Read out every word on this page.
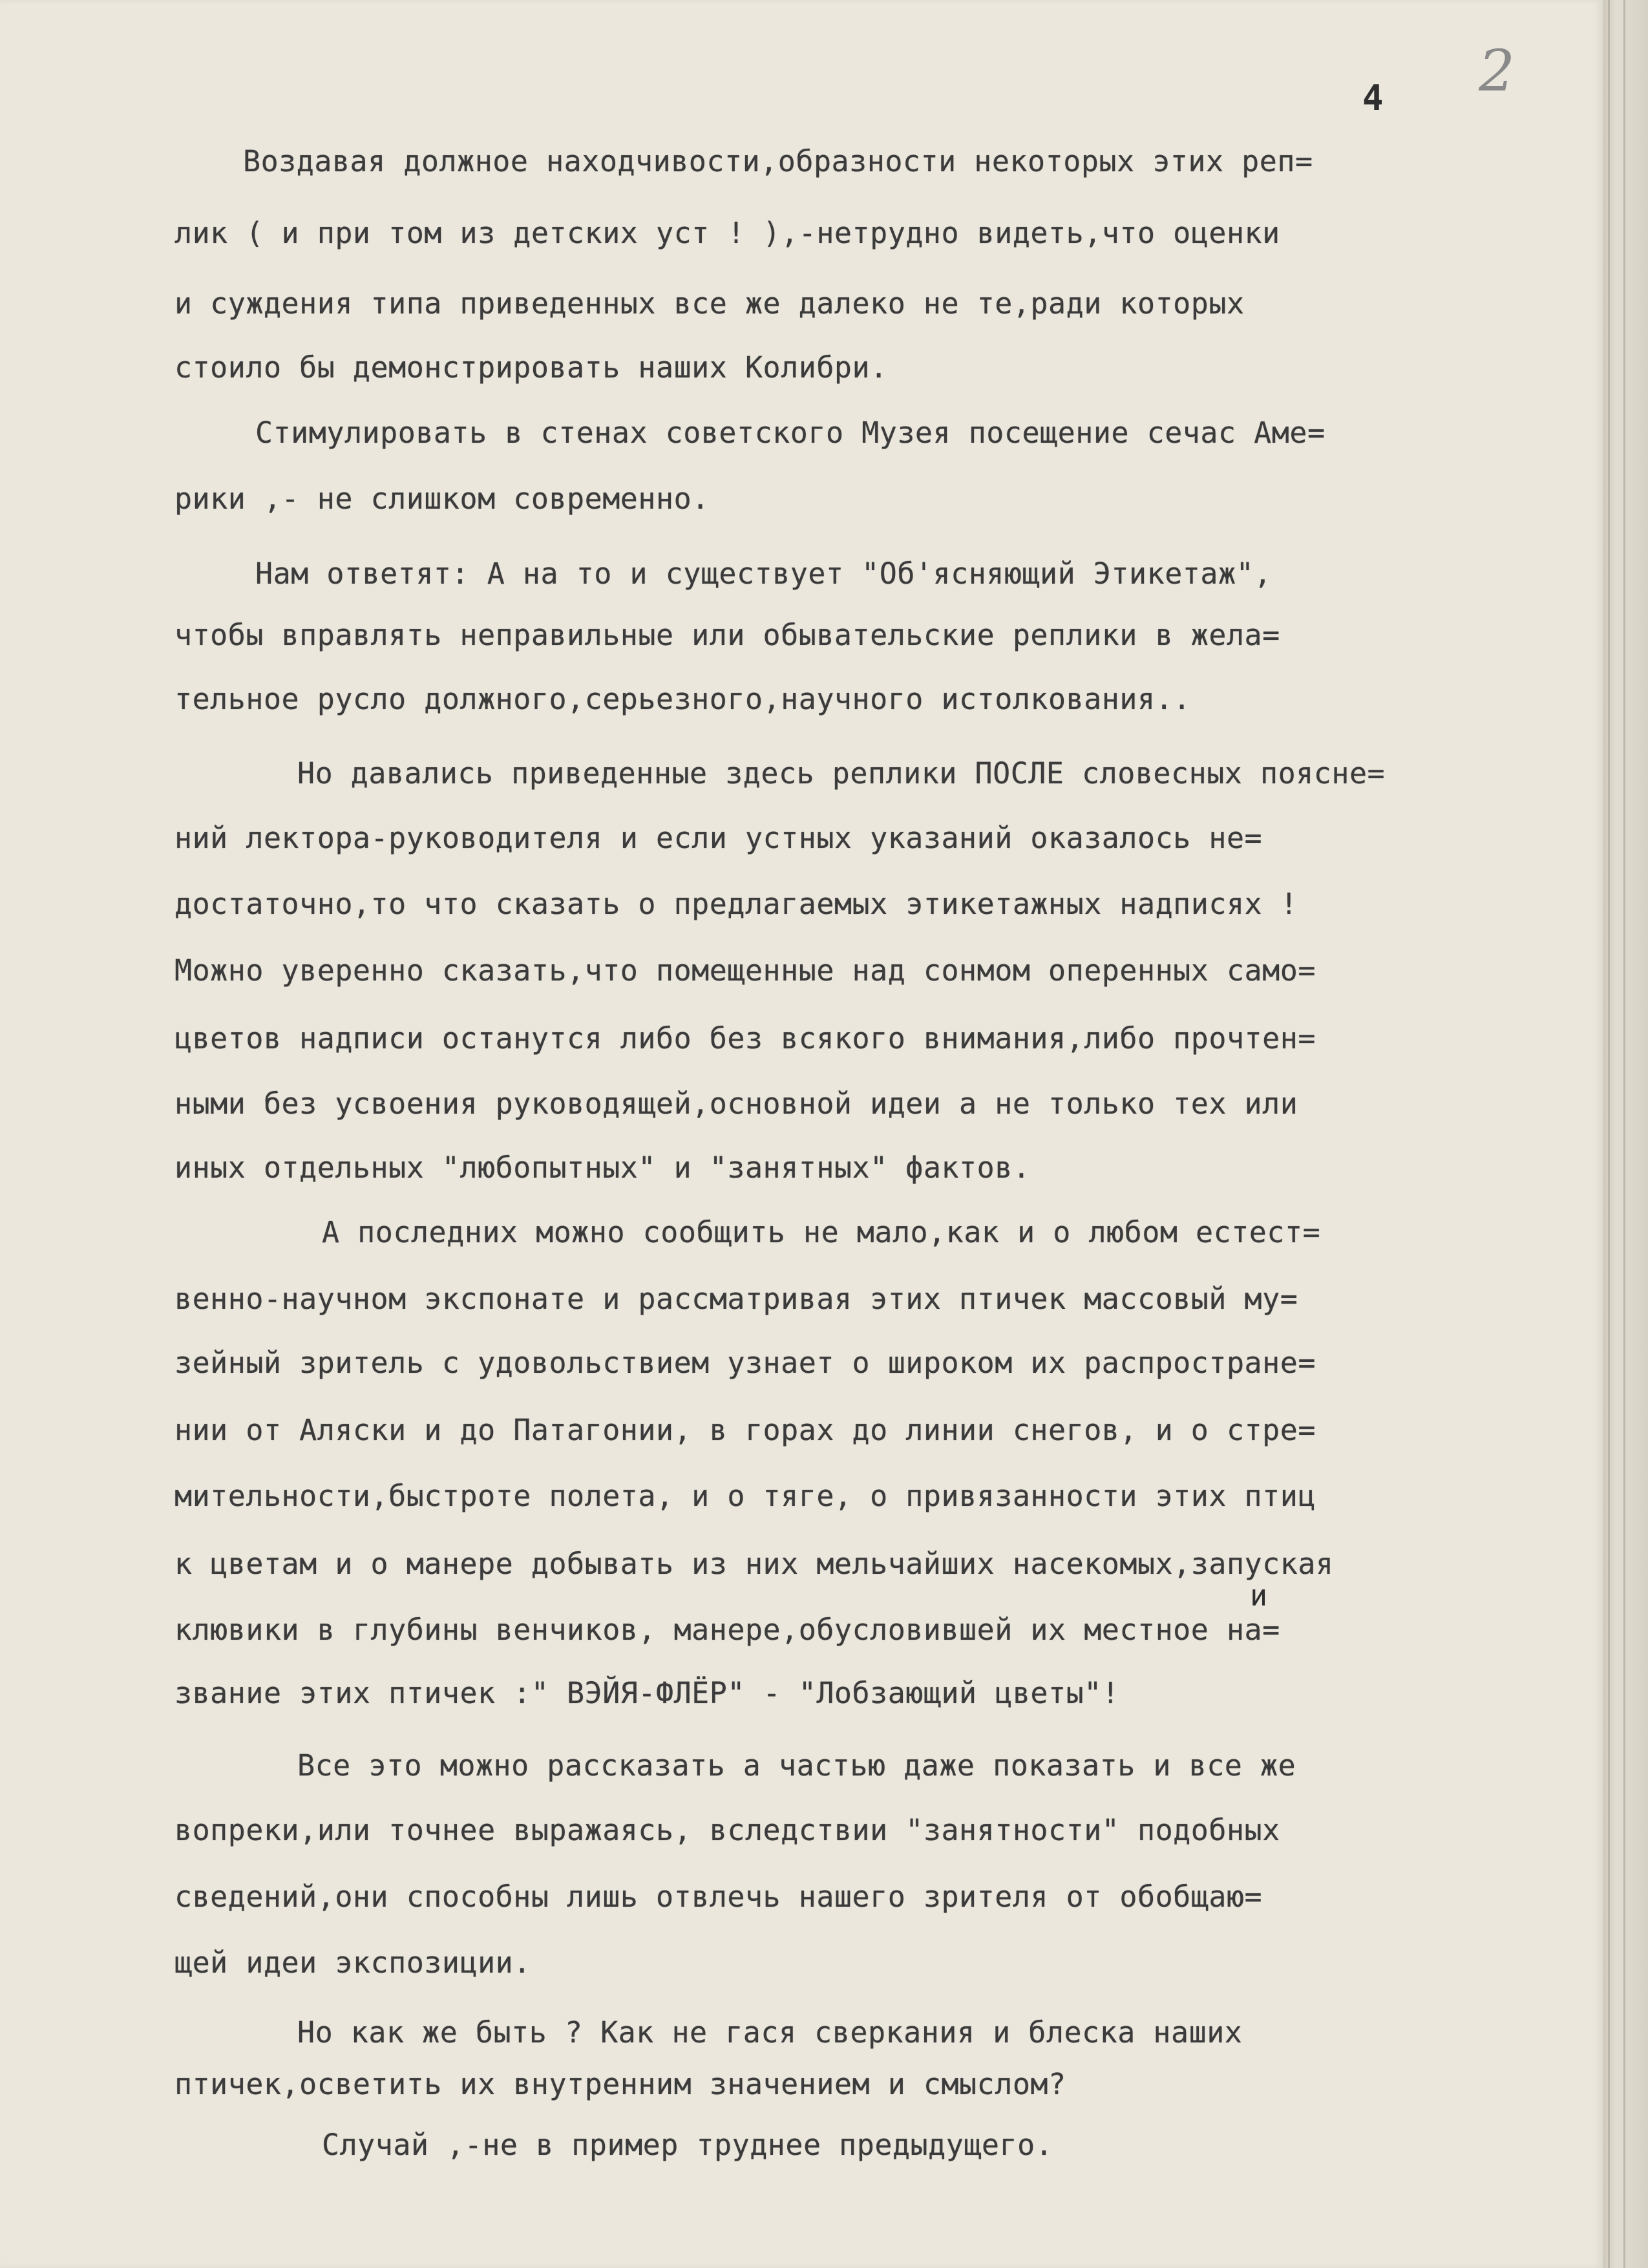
2
4
Воздавая должное находчивости,образности некоторых этих реп=
лик ( и при том из детских уст ! ),-нетрудно видеть,что оценки
и суждения типа приведенных все же далеко не те,ради которых
стоило бы демонстрировать наших Колибри.
Стимулировать в стенах советского Музея посещение сечас Аме=
рики ,- не слишком современно.
Нам ответят: А на то и существует "Об'ясняющий Этикетаж",
чтобы вправлять неправильные или обывательские реплики в жела=
тельное русло должного,серьезного,научного истолкования..
Но давались приведенные здесь реплики ПОСЛЕ словесных поясне=
ний лектора-руководителя и если устных указаний оказалось не=
достаточно,то что сказать о предлагаемых этикетажных надписях !
Можно уверенно сказать,что помещенные над сонмом оперенных само=
цветов надписи останутся либо без всякого внимания,либо прочтен=
ными без усвоения руководящей,основной идеи а не только тех или
иных отдельных "любопытных" и "занятных" фактов.
А последних можно сообщить не мало,как и о любом естест=
венно-научном экспонате и рассматривая этих птичек массовый му=
зейный зритель с удовольствием узнает о широком их распростране=
нии от Аляски и до Патагонии, в горах до линии снегов, и о стре=
мительности,быстроте полета, и о тяге, о привязанности этих птиц
к цветам и о манере добывать из них мельчайших насекомых,запуская
и
клювики в глубины венчиков, манере,обусловившей их местное на=
звание этих птичек :" ВЭЙЯ-ФЛЁР" - "Лобзающий цветы"!
Все это можно рассказать а частью даже показать и все же
вопреки,или точнее выражаясь, вследствии "занятности" подобных
сведений,они способны лишь отвлечь нашего зрителя от обобщаю=
щей идеи экспозиции.
Но как же быть ? Как не гася сверкания и блеска наших
птичек,осветить их внутренним значением и смыслом?
Случай ,-не в пример труднее предыдущего.
